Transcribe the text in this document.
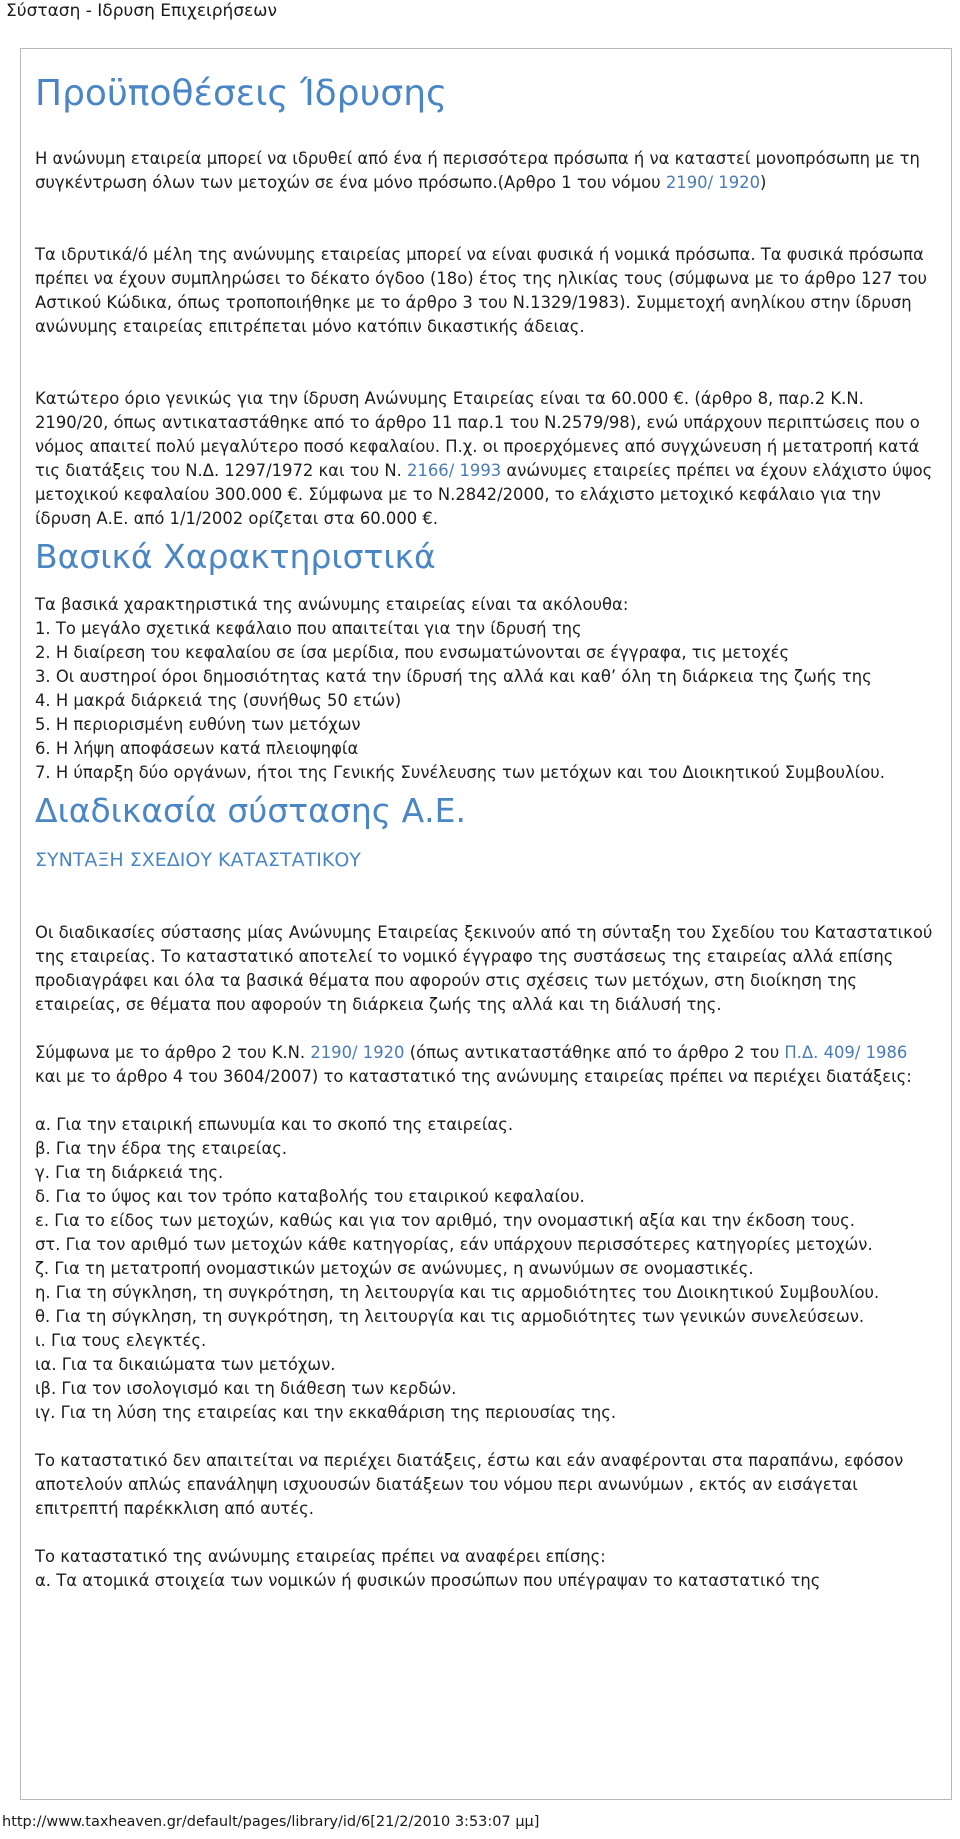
Σύσταση - Ιδρυση Επιχειρήσεων
Προϋποθέσεις Ίδρυσης

Η ανώνυμη εταιρεία μπορεί να ιδρυθεί από ένα ή περισσότερα πρόσωπα ή να καταστεί μονοπρόσωπη με τη συγκέντρωση όλων των μετοχών σε ένα μόνο πρόσωπο.(Αρθρο 1 του νόμου 2190/ 1920)

Τα ιδρυτικά/ό μέλη της ανώνυμης εταιρείας μπορεί να είναι φυσικά ή νομικά πρόσωπα. Τα φυσικά πρόσωπα πρέπει να έχουν συμπληρώσει το δέκατο όγδοο (18ο) έτος της ηλικίας τους (σύμφωνα με το άρθρο 127 του Αστικού Κώδικα, όπως τροποποιήθηκε με το άρθρο 3 του Ν.1329/1983). Συμμετοχή ανηλίκου στην ίδρυση ανώνυμης εταιρείας επιτρέπεται μόνο κατόπιν δικαστικής άδειας.

Κατώτερο όριο γενικώς για την ίδρυση Ανώνυμης Εταιρείας είναι τα 60.000 €. (άρθρο 8, παρ.2 Κ.Ν. 2190/20, όπως αντικαταστάθηκε από το άρθρο 11 παρ.1 του Ν.2579/98), ενώ υπάρχουν περιπτώσεις που ο νόμος απαιτεί πολύ μεγαλύτερο ποσό κεφαλαίου. Π.χ. οι προερχόμενες από συγχώνευση ή μετατροπή κατά τις διατάξεις του Ν.Δ. 1297/1972 και του Ν. 2166/ 1993 ανώνυμες εταιρείες πρέπει να έχουν ελάχιστο ύψος μετοχικού κεφαλαίου 300.000 €. Σύμφωνα με το Ν.2842/2000, το ελάχιστο μετοχικό κεφάλαιο για την ίδρυση Α.Ε. από 1/1/2002 ορίζεται στα 60.000 €.

Βασικά Χαρακτηριστικά

Τα βασικά χαρακτηριστικά της ανώνυμης εταιρείας είναι τα ακόλουθα:

1. Το μεγάλο σχετικά κεφάλαιο που απαιτείται για την ίδρυσή της

2. Η διαίρεση του κεφαλαίου σε ίσα μερίδια, που ενσωματώνονται σε έγγραφα, τις μετοχές

3. Οι αυστηροί όροι δημοσιότητας κατά την ίδρυσή της αλλά και καθ’ όλη τη διάρκεια της ζωής της

4. Η μακρά διάρκειά της (συνήθως 50 ετών)

5. Η περιορισμένη ευθύνη των μετόχων

6. Η λήψη αποφάσεων κατά πλειοψηφία

7. Η ύπαρξη δύο οργάνων, ήτοι της Γενικής Συνέλευσης των μετόχων και του Διοικητικού Συμβουλίου.

Διαδικασία σύστασης Α.Ε.
ΣΥΝΤΑΞΗ ΣΧΕΔΙΟΥ ΚΑΤΑΣΤΑΤΙΚΟΥ

Οι διαδικασίες σύστασης μίας Ανώνυμης Εταιρείας ξεκινούν από τη σύνταξη του Σχεδίου του Καταστατικού της εταιρείας. Το καταστατικό αποτελεί το νομικό έγγραφο της συστάσεως της εταιρείας αλλά επίσης προδιαγράφει και όλα τα βασικά θέματα που αφορούν στις σχέσεις των μετόχων, στη διοίκηση της εταιρείας, σε θέματα που αφορούν τη διάρκεια ζωής της αλλά και τη διάλυσή της.

Σύμφωνα με το άρθρο 2 του Κ.Ν. 2190/ 1920 (όπως αντικαταστάθηκε από το άρθρο 2 του Π.Δ. 409/ 1986 και με το άρθρο 4 του 3604/2007) το καταστατικό της ανώνυμης εταιρείας πρέπει να περιέχει διατάξεις:

α. Για την εταιρική επωνυμία και το σκοπό της εταιρείας.

β. Για την έδρα της εταιρείας.

γ. Για τη διάρκειά της.

δ. Για το ύψος και τον τρόπο καταβολής του εταιρικού κεφαλαίου.

ε. Για το είδος των μετοχών, καθώς και για τον αριθμό, την ονομαστική αξία και την έκδοση τους.

στ. Για τον αριθμό των μετοχών κάθε κατηγορίας, εάν υπάρχουν περισσότερες κατηγορίες μετοχών.

ζ. Για τη μετατροπή ονομαστικών μετοχών σε ανώνυμες, η ανωνύμων σε ονομαστικές.

η. Για τη σύγκληση, τη συγκρότηση, τη λειτουργία και τις αρμοδιότητες του Διοικητικού Συμβουλίου.

θ. Για τη σύγκληση, τη συγκρότηση, τη λειτουργία και τις αρμοδιότητες των γενικών συνελεύσεων.

ι. Για τους ελεγκτές.

ια. Για τα δικαιώματα των μετόχων.

ιβ. Για τον ισολογισμό και τη διάθεση των κερδών.

ιγ. Για τη λύση της εταιρείας και την εκκαθάριση της περιουσίας της.

Το καταστατικό δεν απαιτείται να περιέχει διατάξεις, έστω και εάν αναφέρονται στα παραπάνω, εφόσον αποτελούν απλώς επανάληψη ισχυουσών διατάξεων του νόμου περι ανωνύμων , εκτός αν εισάγεται επιτρεπτή παρέκκλιση από αυτές.

Το καταστατικό της ανώνυμης εταιρείας πρέπει να αναφέρει επίσης:

α. Τα ατομικά στοιχεία των νομικών ή φυσικών προσώπων που υπέγραψαν το καταστατικό της

http://www.taxheaven.gr/default/pages/library/id/6[21/2/2010 3:53:07 μμ]
